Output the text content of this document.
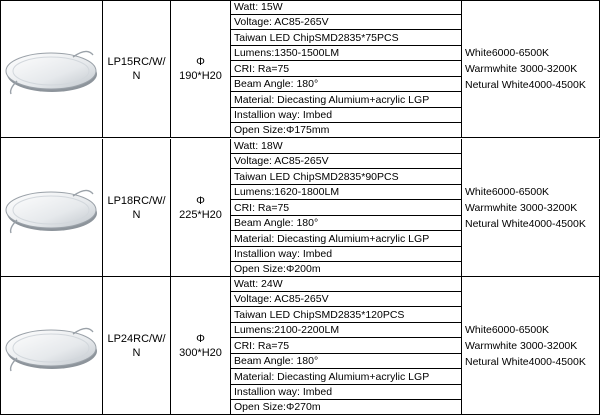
LP15RC/W/
N
Φ
190*H20
Watt: 15W
Voltage: AC85-265V
Taiwan LED ChipSMD2835*75PCS
Lumens:1350-1500LM
CRI: Ra=75
Beam Angle: 180°
Material: Diecasting Alumium+acrylic LGP
Installion way: Imbed
Open Size:Φ175mm
White6000-6500K
Warmwhite 3000-3200K
Netural White4000-4500K
LP18RC/W/
N
Φ
225*H20
Watt: 18W
Voltage: AC85-265V
Taiwan LED ChipSMD2835*90PCS
Lumens:1620-1800LM
CRI: Ra=75
Beam Angle: 180°
Material: Diecasting Alumium+acrylic LGP
Installion way: Imbed
Open Size:Φ200m
White6000-6500K
Warmwhite 3000-3200K
Netural White4000-4500K
LP24RC/W/
N
Φ
300*H20
Watt: 24W
Voltage: AC85-265V
Taiwan LED ChipSMD2835*120PCS
Lumens:2100-2200LM
CRI: Ra=75
Beam Angle: 180°
Material: Diecasting Alumium+acrylic LGP
Installion way: Imbed
Open Size:Φ270m
White6000-6500K
Warmwhite 3000-3200K
Netural White4000-4500K
